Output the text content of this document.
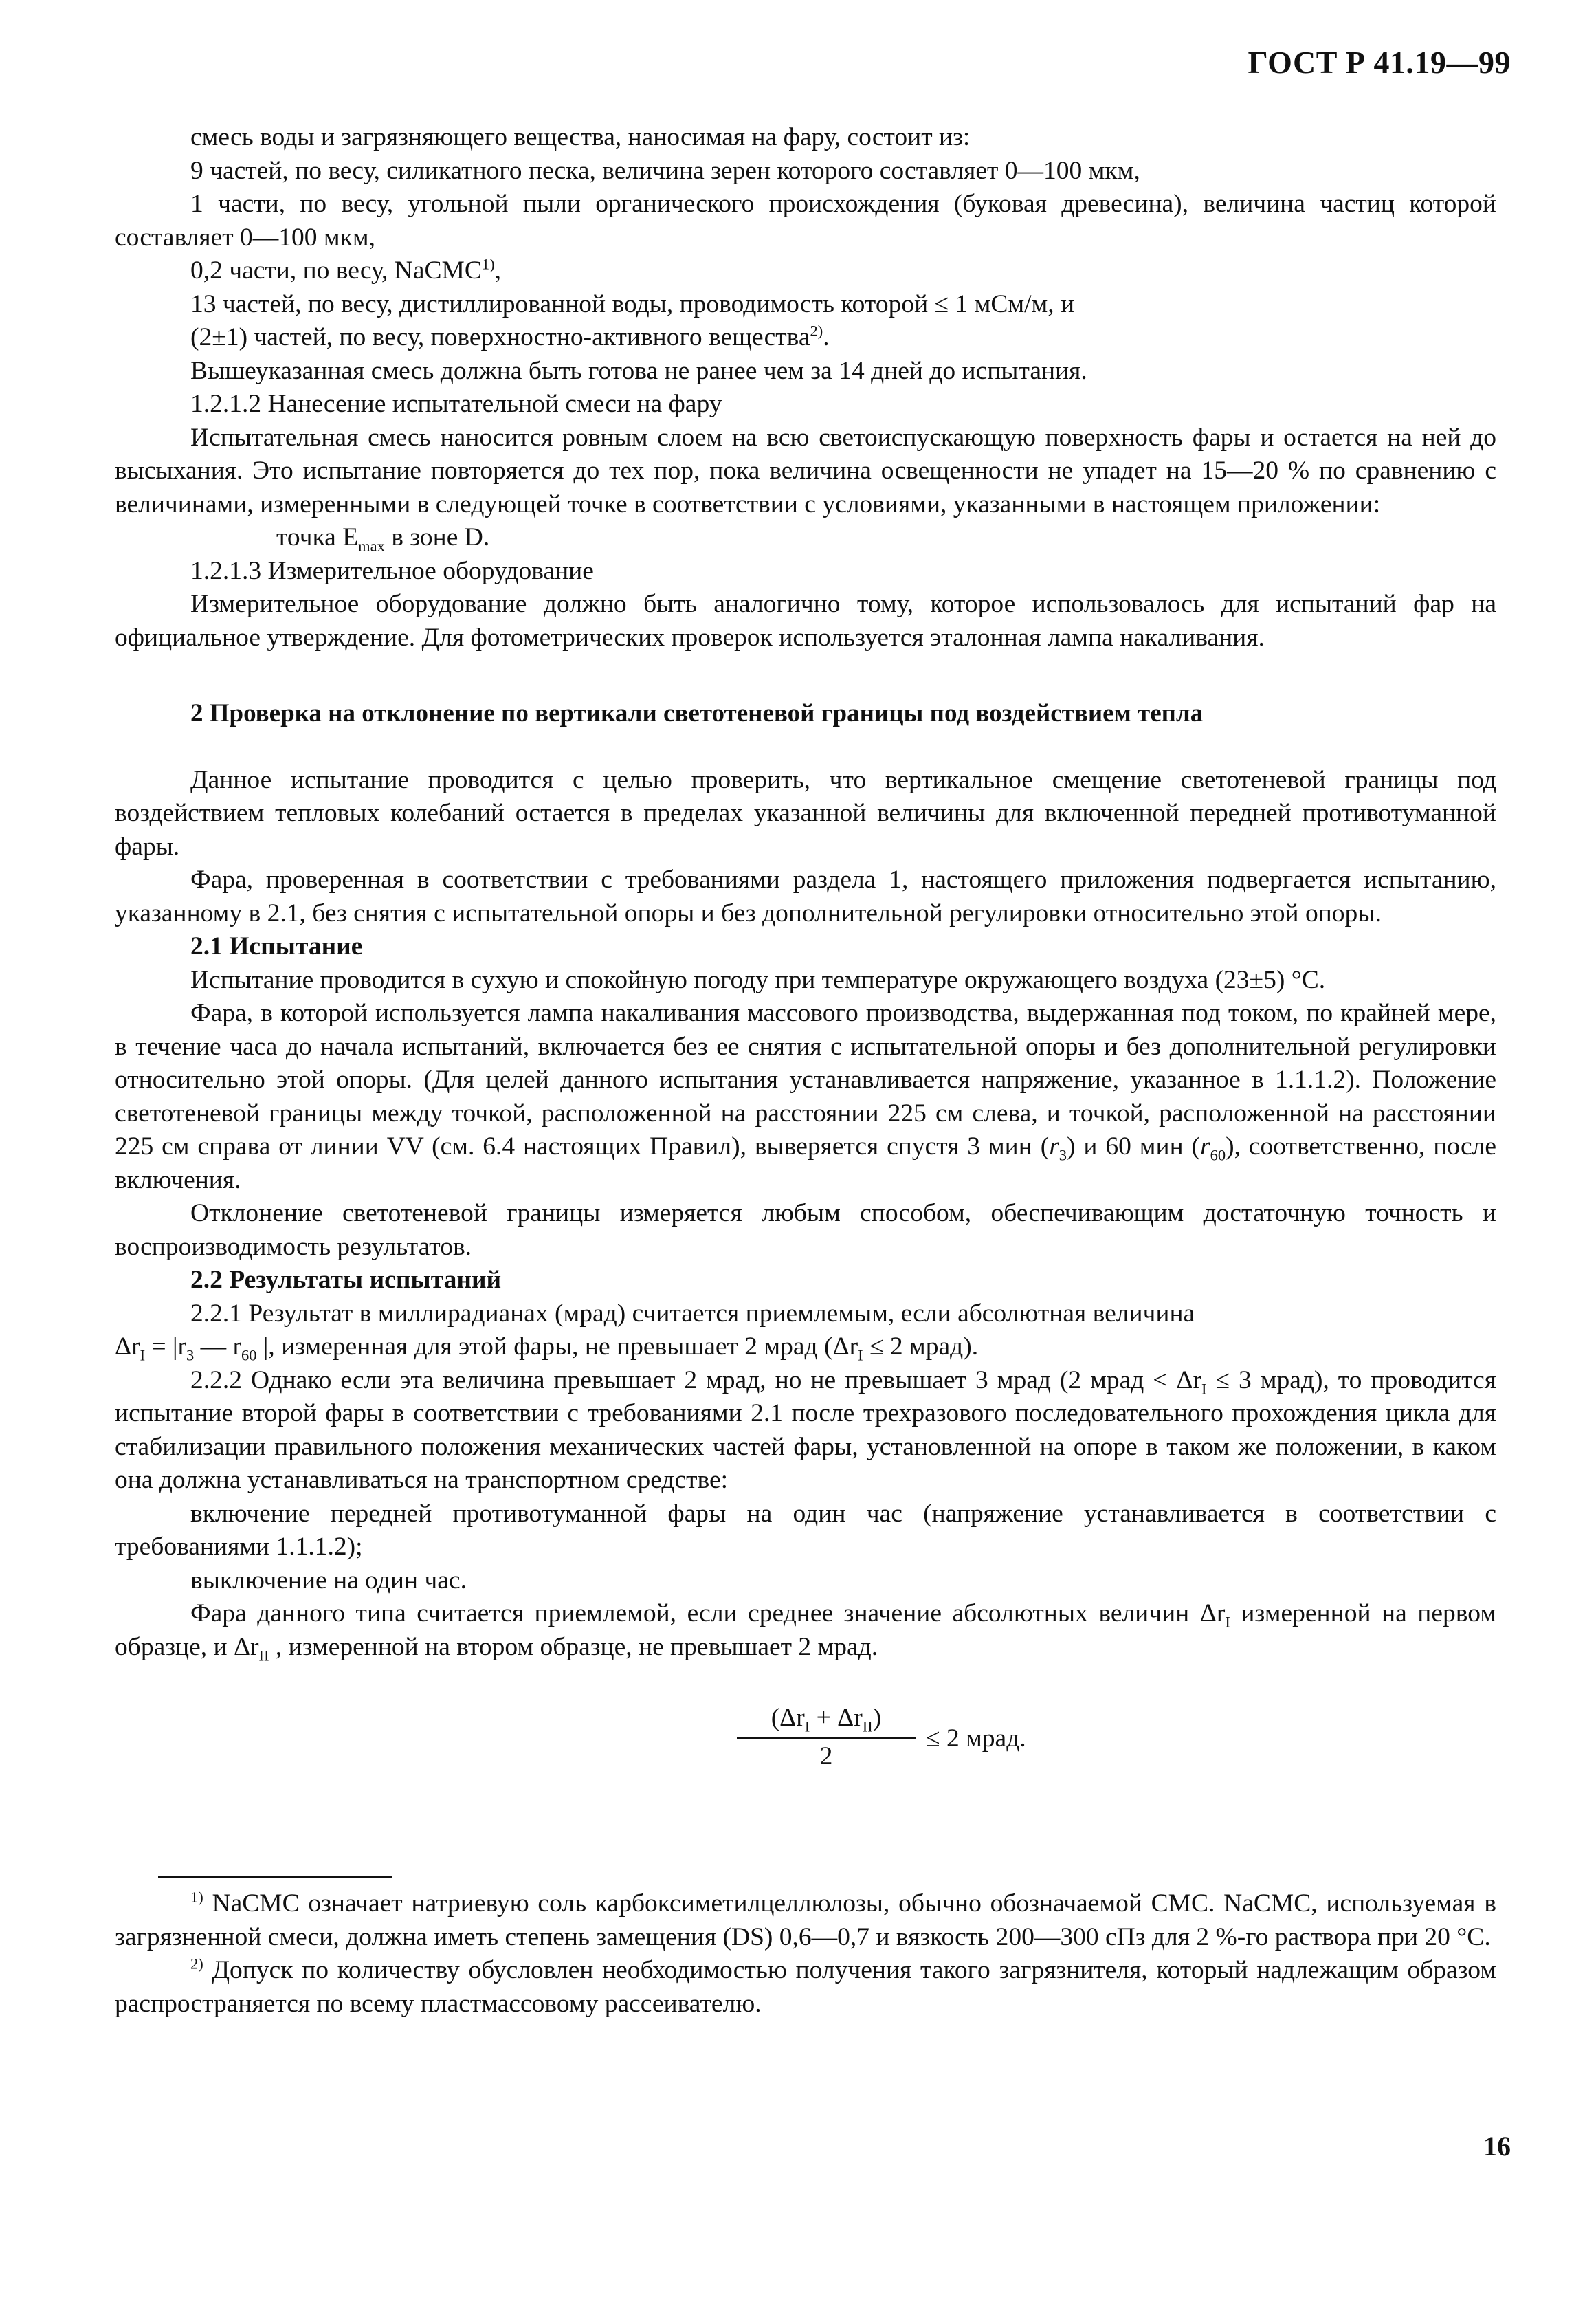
ГОСТ Р 41.19—99

смесь воды и загрязняющего вещества, наносимая на фару, состоит из:

9 частей, по весу, силикатного песка, величина зерен которого составляет 0—100 мкм,

1 части, по весу, угольной пыли органического происхождения (буковая древесина), величина частиц которой составляет 0—100 мкм,

0,2 части, по весу, NaCMC$^{1)}$,

13 частей, по весу, дистиллированной воды, проводимость которой ≤ 1 мСм/м, и

(2±1) частей, по весу, поверхностно-активного вещества$^{2)}$.

Вышеуказанная смесь должна быть готова не ранее чем за 14 дней до испытания.

1.2.1.2 Нанесение испытательной смеси на фару

Испытательная смесь наносится ровным слоем на всю светоиспускающую поверхность фары и остается на ней до высыхания. Это испытание повторяется до тех пор, пока величина освещенности не упадет на 15—20 % по сравнению с величинами, измеренными в следующей точке в соответствии с условиями, указанными в настоящем приложении:

точка $E_{max}$ в зоне D.

1.2.1.3 Измерительное оборудование

Измерительное оборудование должно быть аналогично тому, которое использовалось для испытаний фар на официальное утверждение. Для фотометрических проверок используется эталонная лампа накаливания.

2 Проверка на отклонение по вертикали светотеневой границы под воздействием тепла

Данное испытание проводится с целью проверить, что вертикальное смещение светотеневой границы под воздействием тепловых колебаний остается в пределах указанной величины для включенной передней противотуманной фары.

Фара, проверенная в соответствии с требованиями раздела 1, настоящего приложения подвергается испытанию, указанному в 2.1, без снятия с испытательной опоры и без дополнительной регулировки относительно этой опоры.

2.1 Испытание

Испытание проводится в сухую и спокойную погоду при температуре окружающего воздуха (23±5) °С.

Фара, в которой используется лампа накаливания массового производства, выдержанная под током, по крайней мере, в течение часа до начала испытаний, включается без ее снятия с испытательной опоры и без дополнительной регулировки относительно этой опоры. (Для целей данного испытания устанавливается напряжение, указанное в 1.1.1.2). Положение светотеневой границы между точкой, расположенной на расстоянии 225 см слева, и точкой, расположенной на расстоянии 225 см справа от линии VV (см. 6.4 настоящих Правил), выверяется спустя 3 мин $(r_3)$ и 60 мин $(r_{60})$, соответственно, после включения.

Отклонение светотеневой границы измеряется любым способом, обеспечивающим достаточную точность и воспроизводимость результатов.

2.2 Результаты испытаний

2.2.1 Результат в миллирадианах (мрад) считается приемлемым, если абсолютная величина
$\Delta r_I = |r_3$ — $r_{60}$ |, измеренная для этой фары, не превышает 2 мрад ($\Delta r_I \le 2$ мрад).

2.2.2 Однако если эта величина превышает 2 мрад, но не превышает 3 мрад (2 мрад < $\Delta r_I \le 3$ мрад), то проводится испытание второй фары в соответствии с требованиями 2.1 после трехразового последовательного прохождения цикла для стабилизации правильного положения механических частей фары, установленной на опоре в таком же положении, в каком она должна устанавливаться на транспортном средстве:

включение передней противотуманной фары на один час (напряжение устанавливается в соответствии с требованиями 1.1.1.2);

выключение на один час.

Фара данного типа считается приемлемой, если среднее значение абсолютных величин $\Delta r_I$ измеренной на первом образце, и $\Delta r_{II}$ , измеренной на втором образце, не превышает 2 мрад.

$(\Delta r_I + \Delta r_{II})$
2
≤ 2 мрад.

$^{1)}$ NaCMC означает натриевую соль карбоксиметилцеллюлозы, обычно обозначаемой СМС. NaCMC, используемая в загрязненной смеси, должна иметь степень замещения (DS) 0,6—0,7 и вязкость 200—300 сПз для 2 %-го раствора при 20 °С.

$^{2)}$ Допуск по количеству обусловлен необходимостью получения такого загрязнителя, который надлежащим образом распространяется по всему пластмассовому рассеивателю.

16
